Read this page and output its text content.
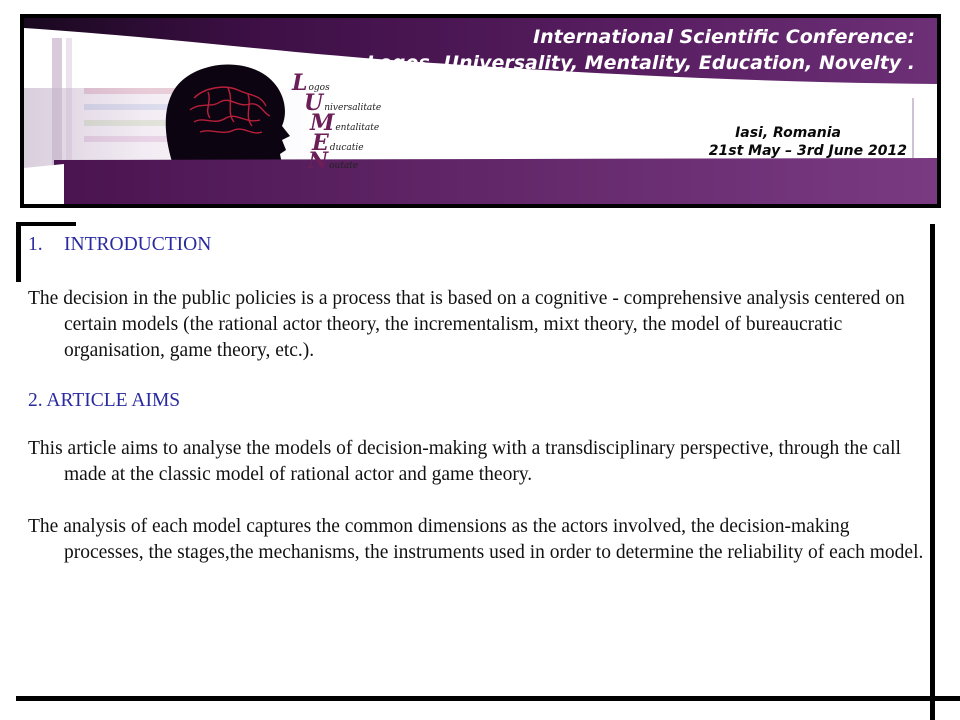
International Scientific Conference:
Logos, Universality, Mentality, Education, Novelty .
Logos
Universalitate
Mentalitate
Educatie
Noutate
Iasi, Romania
21st May – 3rd June 2012
1. INTRODUCTION

The decision in the public policies is a process that is based on a cognitive - comprehensive analysis centered on certain models (the rational actor theory, the incrementalism, mixt theory, the model of bureaucratic organisation, game theory, etc.).

2. ARTICLE AIMS

This article aims to analyse the models of decision-making with a transdisciplinary perspective, through the call made at the classic model of rational actor and game theory.

The analysis of each model captures the common dimensions as the actors involved, the decision-making processes, the stages,the mechanisms, the instruments used in order to determine the reliability of each model.
